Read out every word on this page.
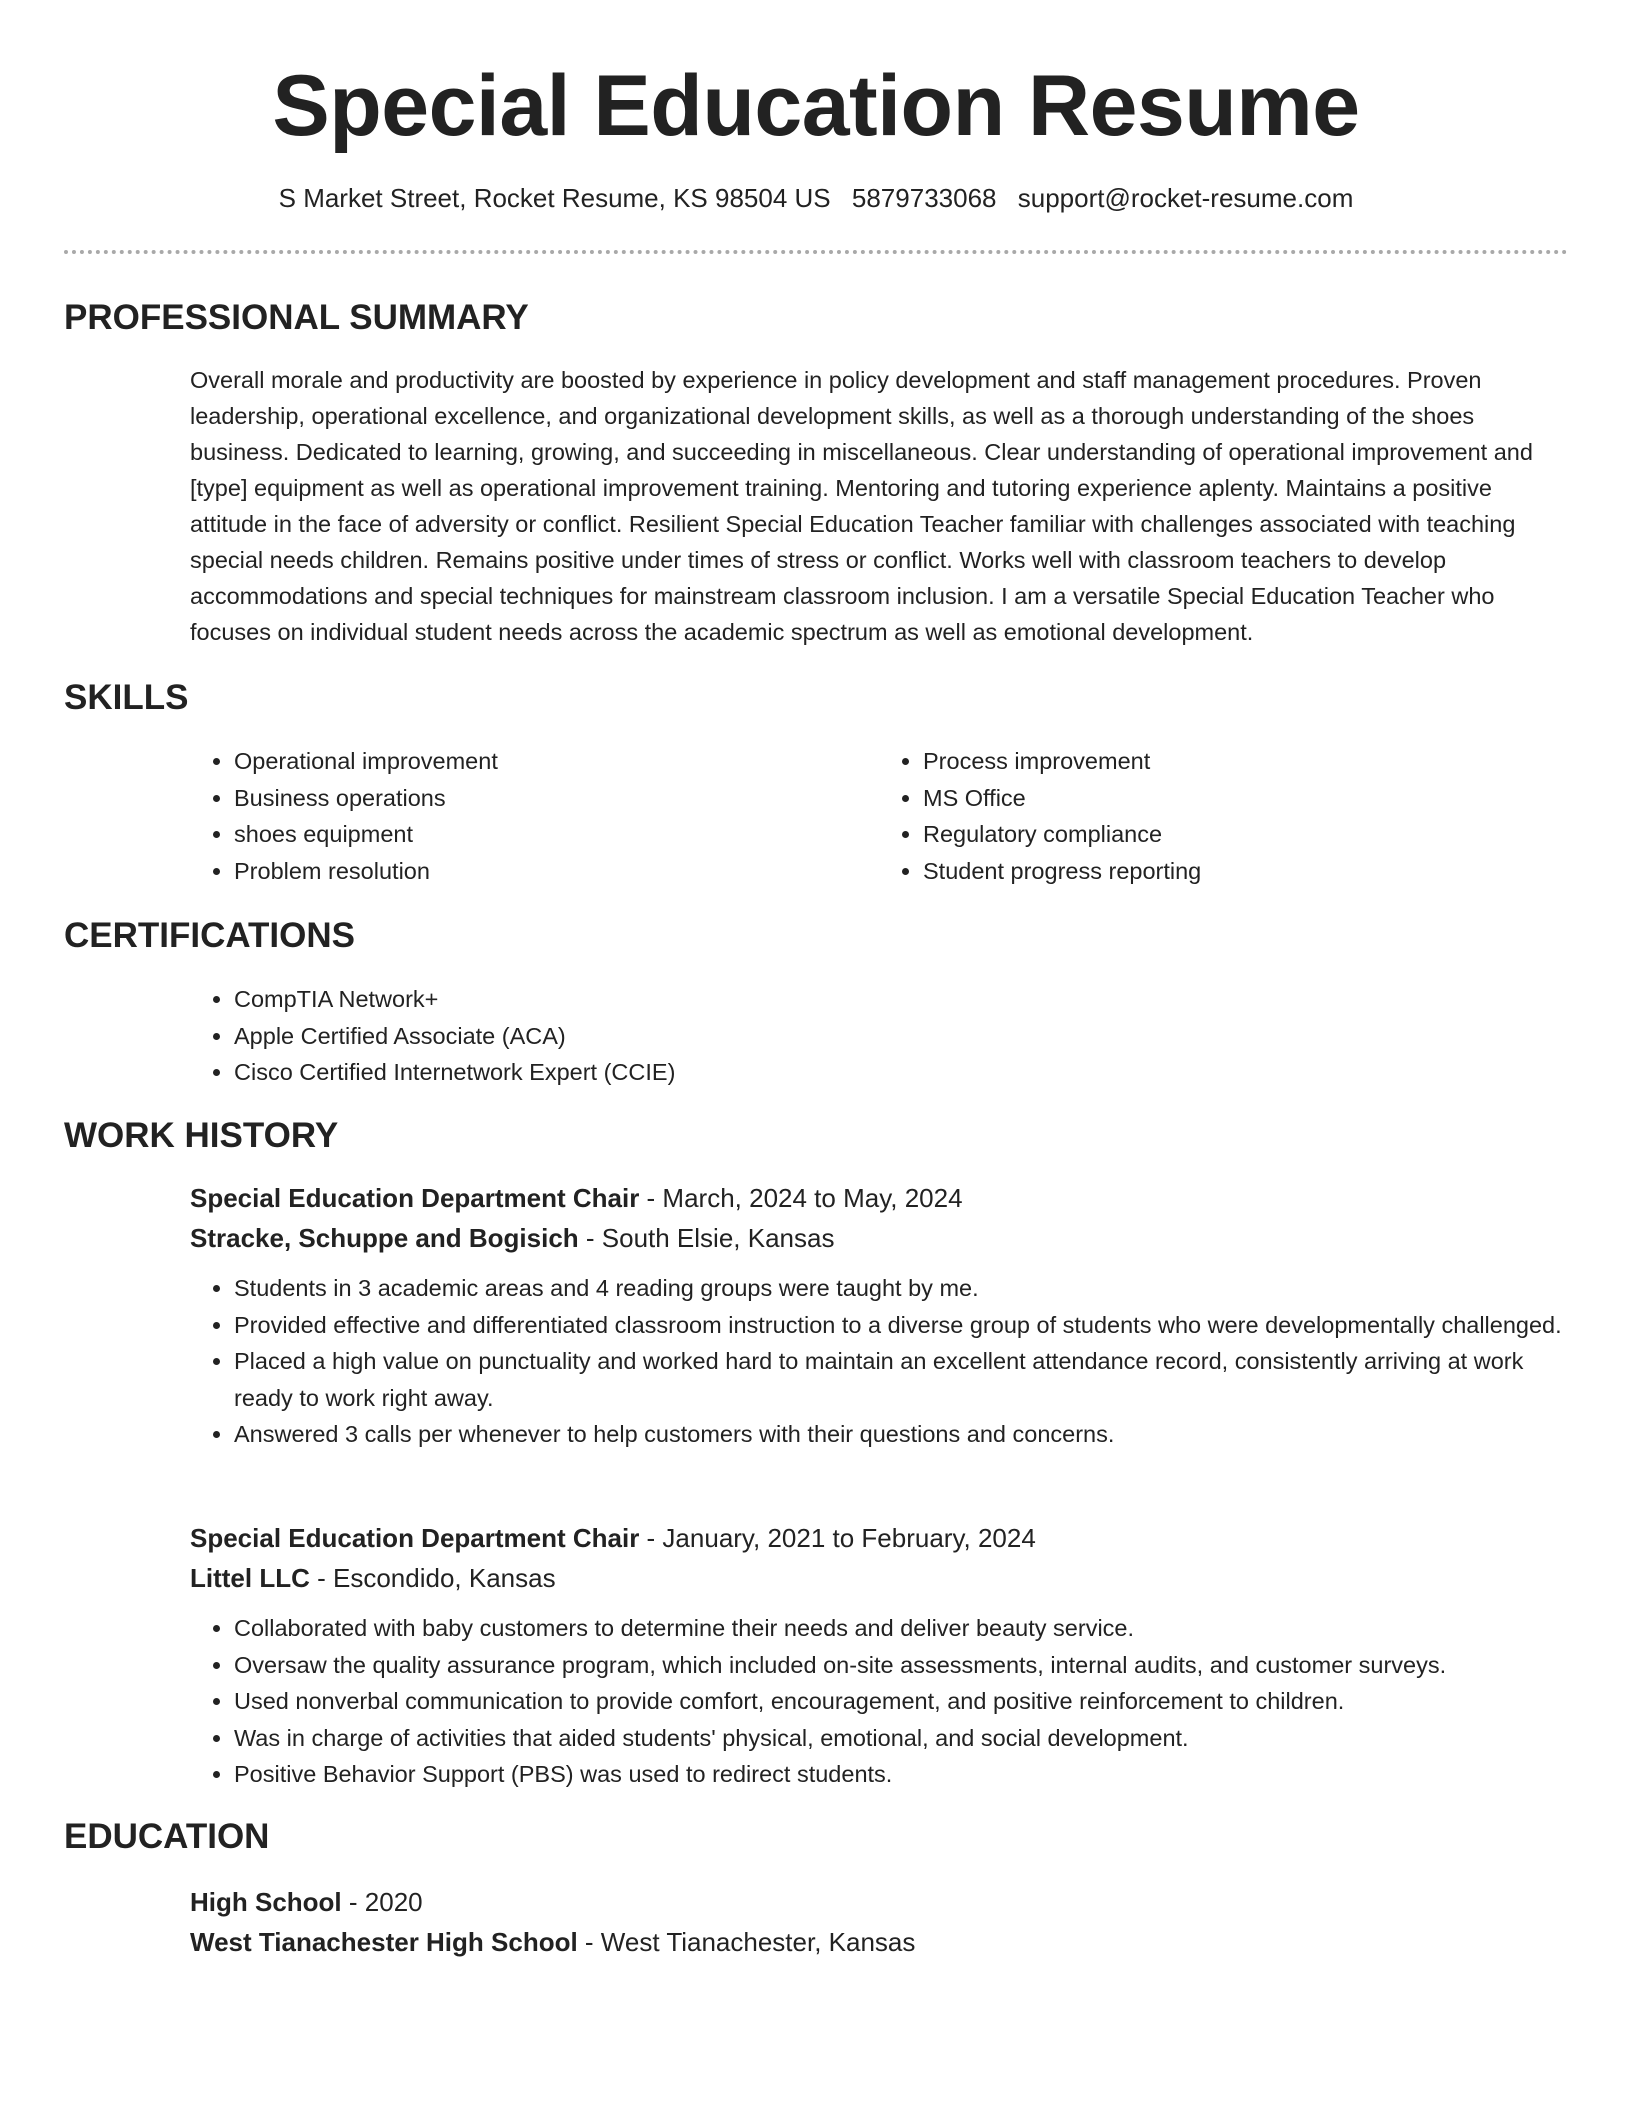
Special Education Resume
S Market Street, Rocket Resume, KS 98504 US 5879733068 support@rocket-resume.com
PROFESSIONAL SUMMARY

Overall morale and productivity are boosted by experience in policy development and staff management procedures. Proven leadership, operational excellence, and organizational development skills, as well as a thorough understanding of the shoes business. Dedicated to learning, growing, and succeeding in miscellaneous. Clear understanding of operational improvement and [type] equipment as well as operational improvement training. Mentoring and tutoring experience aplenty. Maintains a positive attitude in the face of adversity or conflict. Resilient Special Education Teacher familiar with challenges associated with teaching special needs children. Remains positive under times of stress or conflict. Works well with classroom teachers to develop accommodations and special techniques for mainstream classroom inclusion. I am a versatile Special Education Teacher who focuses on individual student needs across the academic spectrum as well as emotional development.

SKILLS
• Operational improvement
• Business operations
• shoes equipment
• Problem resolution
• Process improvement
• MS Office
• Regulatory compliance
• Student progress reporting
CERTIFICATIONS
• CompTIA Network+
• Apple Certified Associate (ACA)
• Cisco Certified Internetwork Expert (CCIE)
WORK HISTORY

Special Education Department Chair - March, 2024 to May, 2024

Stracke, Schuppe and Bogisich - South Elsie, Kansas

• Students in 3 academic areas and 4 reading groups were taught by me.
• Provided effective and differentiated classroom instruction to a diverse group of students who were developmentally challenged.
• Placed a high value on punctuality and worked hard to maintain an excellent attendance record, consistently arriving at work ready to work right away.
• Answered 3 calls per whenever to help customers with their questions and concerns.

Special Education Department Chair - January, 2021 to February, 2024

Littel LLC - Escondido, Kansas

• Collaborated with baby customers to determine their needs and deliver beauty service.
• Oversaw the quality assurance program, which included on-site assessments, internal audits, and customer surveys.
• Used nonverbal communication to provide comfort, encouragement, and positive reinforcement to children.
• Was in charge of activities that aided students' physical, emotional, and social development.
• Positive Behavior Support (PBS) was used to redirect students.
EDUCATION

High School - 2020

West Tianachester High School - West Tianachester, Kansas
